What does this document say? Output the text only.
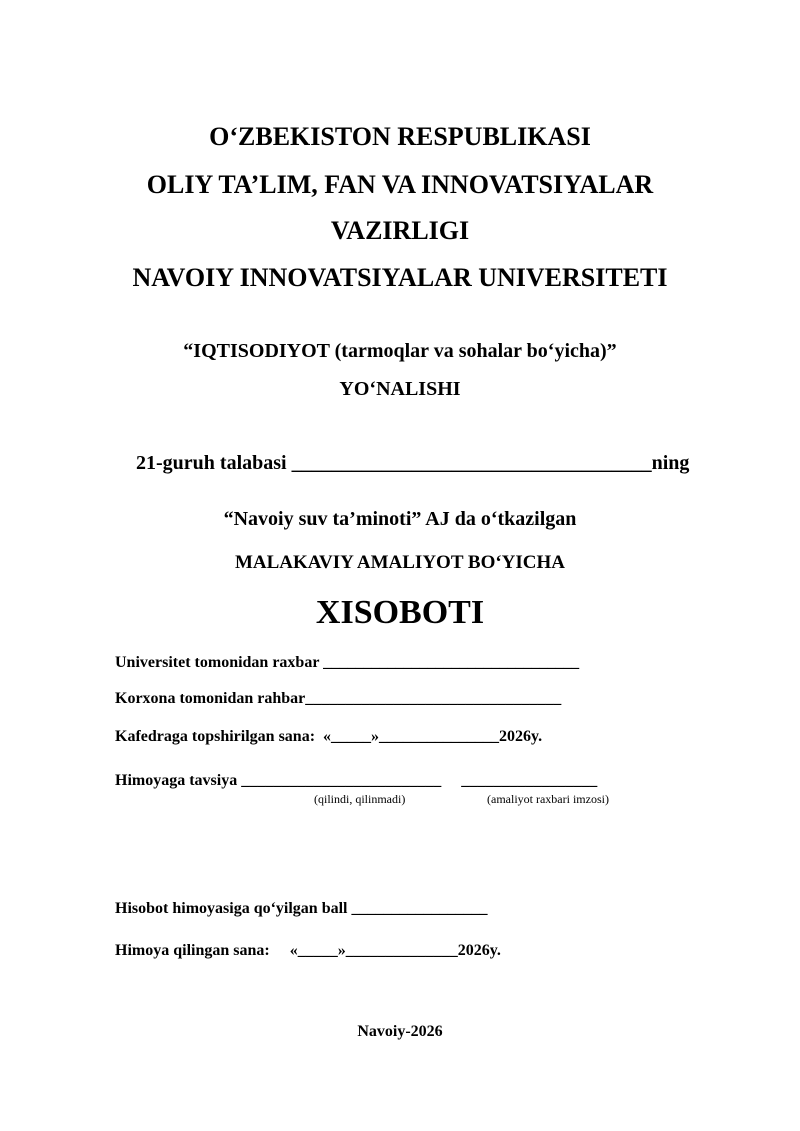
O‘ZBEKISTON RESPUBLIKASI
OLIY TA’LIM, FAN VA INNOVATSIYALAR
VAZIRLIGI
NAVOIY INNOVATSIYALAR UNIVERSITETI
“IQTISODIYOT (tarmoqlar va sohalar bo‘yicha)”
YO‘NALISHI
21-guruh talabasi ____________________________________ning
“Navoiy suv ta’minoti” AJ da o‘tkazilgan
MALAKAVIY AMALIYOT BO‘YICHA
XISOBOTI
Universitet tomonidan raxbar ________________________________
Korxona tomonidan rahbar________________________________
Kafedraga topshirilgan sana:  «_____»_______________2026y.
Himoyaga tavsiya _________________________     _________________
(qilindi, qilinmadi)	(amaliyot raxbari imzosi)
Hisobot himoyasiga qo‘yilgan ball _________________
Himoya qilingan sana:     «_____»______________2026y.
Navoiy-2026
